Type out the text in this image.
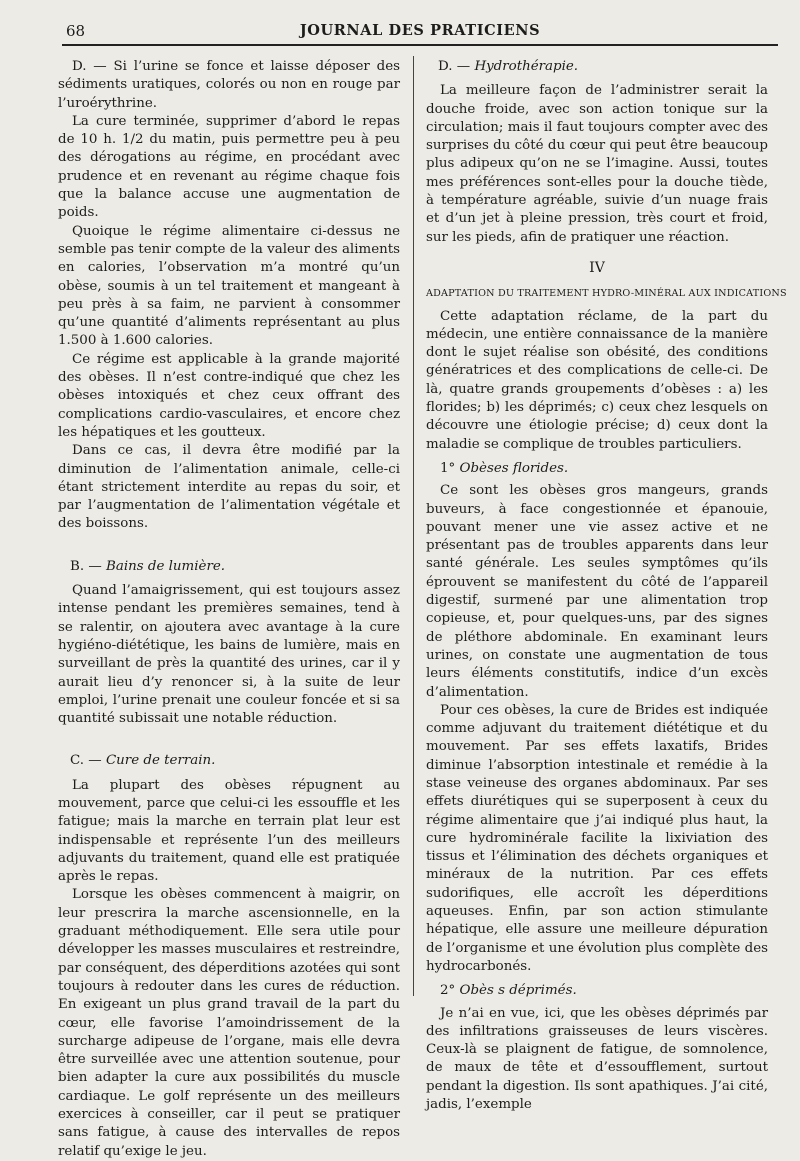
68	JOURNAL DES PRATICIENS

D. — Si l’urine se fonce et laisse déposer des sédiments uratiques, colorés ou non en rouge par l’uroérythrine.

La cure terminée, supprimer d’abord le repas de 10 h. 1/2 du matin, puis permettre peu à peu des dérogations au régime, en procédant avec prudence et en revenant au régime chaque fois que la balance accuse une augmentation de poids.

Quoique le régime alimentaire ci-dessus ne semble pas tenir compte de la valeur des aliments en calories, l’observation m’a montré qu’un obèse, soumis à un tel traitement et mangeant à peu près à sa faim, ne parvient à consommer qu’une quantité d’aliments représentant au plus 1.500 à 1.600 calories.

Ce régime est applicable à la grande majorité des obèses. Il n’est contre-indiqué que chez les obèses intoxiqués et chez ceux offrant des complications cardio-vasculaires, et encore chez les hépatiques et les goutteux.

Dans ce cas, il devra être modifié par la diminution de l’alimentation animale, celle-ci étant strictement interdite au repas du soir, et par l’augmentation de l’alimentation végétale et des boissons.

B. — Bains de lumière.

Quand l’amaigrissement, qui est toujours assez intense pendant les premières semaines, tend à se ralentir, on ajoutera avec avantage à la cure hygiéno-diététique, les bains de lumière, mais en surveillant de près la quantité des urines, car il y aurait lieu d’y renoncer si, à la suite de leur emploi, l’urine prenait une couleur foncée et si sa quantité subissait une notable réduction.

C. — Cure de terrain.

La plupart des obèses répugnent au mouvement, parce que celui-ci les essouffle et les fatigue; mais la marche en terrain plat leur est indispensable et représente l’un des meilleurs adjuvants du traitement, quand elle est pratiquée après le repas.

Lorsque les obèses commencent à maigrir, on leur prescrira la marche ascensionnelle, en la graduant méthodiquement. Elle sera utile pour développer les masses musculaires et restreindre, par conséquent, des déperditions azotées qui sont toujours à redouter dans les cures de réduction. En exigeant un plus grand travail de la part du cœur, elle favorise l’amoindrissement de la surcharge adipeuse de l’organe, mais elle devra être surveillée avec une attention soutenue, pour bien adapter la cure aux possibilités du muscle cardiaque. Le golf représente un des meilleurs exercices à conseiller, car il peut se pratiquer sans fatigue, à cause des intervalles de repos relatif qu’exige le jeu.

D. — Hydrothérapie.

La meilleure façon de l’administrer serait la douche froide, avec son action tonique sur la circulation; mais il faut toujours compter avec des surprises du côté du cœur qui peut être beaucoup plus adipeux qu’on ne se l’imagine. Aussi, toutes mes préférences sont-elles pour la douche tiède, à température agréable, suivie d’un nuage frais et d’un jet à pleine pression, très court et froid, sur les pieds, afin de pratiquer une réaction.

IV
ADAPTATION DU TRAITEMENT HYDRO-MINÉRAL AUX INDICATIONS

Cette adaptation réclame, de la part du médecin, une entière connaissance de la manière dont le sujet réalise son obésité, des conditions génératrices et des complications de celle-ci. De là, quatre grands groupements d’obèses : a) les florides; b) les déprimés; c) ceux chez lesquels on découvre une étiologie précise; d) ceux dont la maladie se complique de troubles particuliers.

1° Obèses florides.

Ce sont les obèses gros mangeurs, grands buveurs, à face congestionnée et épanouie, pouvant mener une vie assez active et ne présentant pas de troubles apparents dans leur santé générale. Les seules symptômes qu’ils éprouvent se manifestent du côté de l’appareil digestif, surmené par une alimentation trop copieuse, et, pour quelques-uns, par des signes de pléthore abdominale. En examinant leurs urines, on constate une augmentation de tous leurs éléments constitutifs, indice d’un excès d’alimentation.

Pour ces obèses, la cure de Brides est indiquée comme adjuvant du traitement diététique et du mouvement. Par ses effets laxatifs, Brides diminue l’absorption intestinale et remédie à la stase veineuse des organes abdominaux. Par ses effets diurétiques qui se superposent à ceux du régime alimentaire que j’ai indiqué plus haut, la cure hydrominérale facilite la lixiviation des tissus et l’élimination des déchets organiques et minéraux de la nutrition. Par ces effets sudorifiques, elle accroît les déperditions aqueuses. Enfin, par son action stimulante hépatique, elle assure une meilleure dépuration de l’organisme et une évolution plus complète des hydrocarbonés.

2° Obès s déprimés.

Je n’ai en vue, ici, que les obèses déprimés par des infiltrations graisseuses de leurs viscères. Ceux-là se plaignent de fatigue, de somnolence, de maux de tête et d’essoufflement, surtout pendant la digestion. Ils sont apathiques. J’ai cité, jadis, l’exemple
